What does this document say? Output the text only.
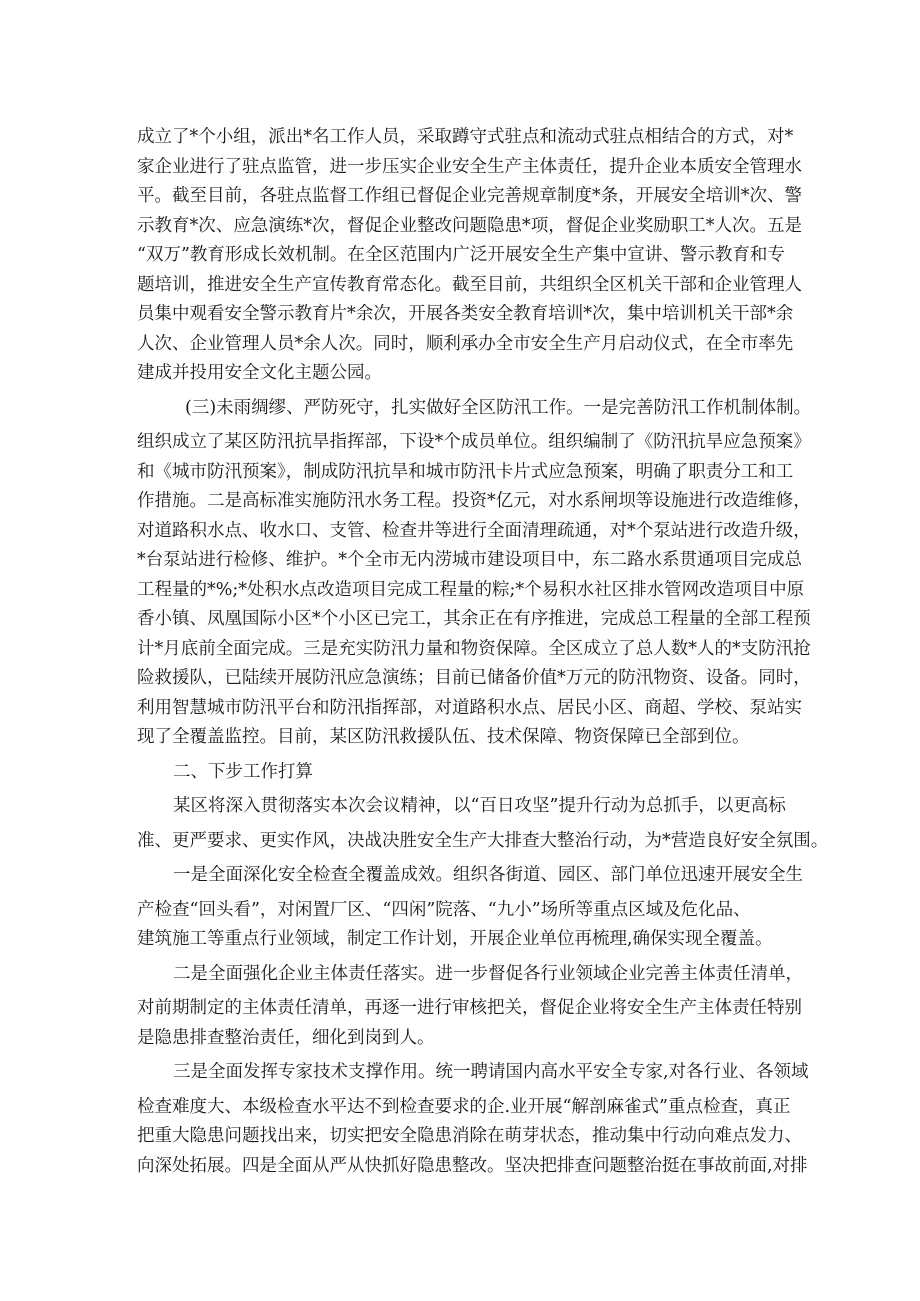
成立了*个小组，派出*名工作人员，采取蹲守式驻点和流动式驻点相结合的方式，对*
家企业进行了驻点监管，进一步压实企业安全生产主体责任，提升企业本质安全管理水
平。截至目前，各驻点监督工作组已督促企业完善规章制度*条，开展安全培训*次、警
示教育*次、应急演练*次，督促企业整改问题隐患*项，督促企业奖励职工*人次。五是
“双万”教育形成长效机制。在全区范围内广泛开展安全生产集中宣讲、警示教育和专
题培训，推进安全生产宣传教育常态化。截至目前，共组织全区机关干部和企业管理人
员集中观看安全警示教育片*余次，开展各类安全教育培训*次，集中培训机关干部*余
人次、企业管理人员*余人次。同时，顺利承办全市安全生产月启动仪式，在全市率先
建成并投用安全文化主题公园。
(三)未雨绸缪、严防死守，扎实做好全区防汛工作。一是完善防汛工作机制体制。
组织成立了某区防汛抗旱指挥部，下设*个成员单位。组织编制了《防汛抗旱应急预案》
和《城市防汛预案》，制成防汛抗旱和城市防汛卡片式应急预案，明确了职责分工和工
作措施。二是高标准实施防汛水务工程。投资*亿元，对水系闸坝等设施进行改造维修，
对道路积水点、收水口、支管、检查井等进行全面清理疏通，对*个泵站进行改造升级，
*台泵站进行检修、维护。*个全市无内涝城市建设项目中，东二路水系贯通项目完成总
工程量的*%;*处积水点改造项目完成工程量的粽;*个易积水社区排水管网改造项目中原
香小镇、凤凰国际小区*个小区已完工，其余正在有序推进，完成总工程量的全部工程预
计*月底前全面完成。三是充实防汛力量和物资保障。全区成立了总人数*人的*支防汛抢
险救援队，已陆续开展防汛应急演练；目前已储备价值*万元的防汛物资、设备。同时，
利用智慧城市防汛平台和防汛指挥部，对道路积水点、居民小区、商超、学校、泵站实
现了全覆盖监控。目前，某区防汛救援队伍、技术保障、物资保障已全部到位。
二、下步工作打算
某区将深入贯彻落实本次会议精神，以“百日攻坚”提升行动为总抓手，以更高标
准、更严要求、更实作风，决战决胜安全生产大排查大整治行动，为*营造良好安全氛围。
一是全面深化安全检查全覆盖成效。组织各街道、园区、部门单位迅速开展安全生
产检查“回头看”，对闲置厂区、“四闲”院落、“九小”场所等重点区域及危化品、
建筑施工等重点行业领域，制定工作计划，开展企业单位再梳理,确保实现全覆盖。
二是全面强化企业主体责任落实。进一步督促各行业领域企业完善主体责任清单，
对前期制定的主体责任清单，再逐一进行审核把关，督促企业将安全生产主体责任特别
是隐患排查整治责任，细化到岗到人。
三是全面发挥专家技术支撑作用。统一聘请国内高水平安全专家,对各行业、各领域
检查难度大、本级检查水平达不到检查要求的企.业开展“解剖麻雀式”重点检查，真正
把重大隐患问题找出来，切实把安全隐患消除在萌芽状态，推动集中行动向难点发力、
向深处拓展。四是全面从严从快抓好隐患整改。坚决把排查问题整治挺在事故前面,对排
